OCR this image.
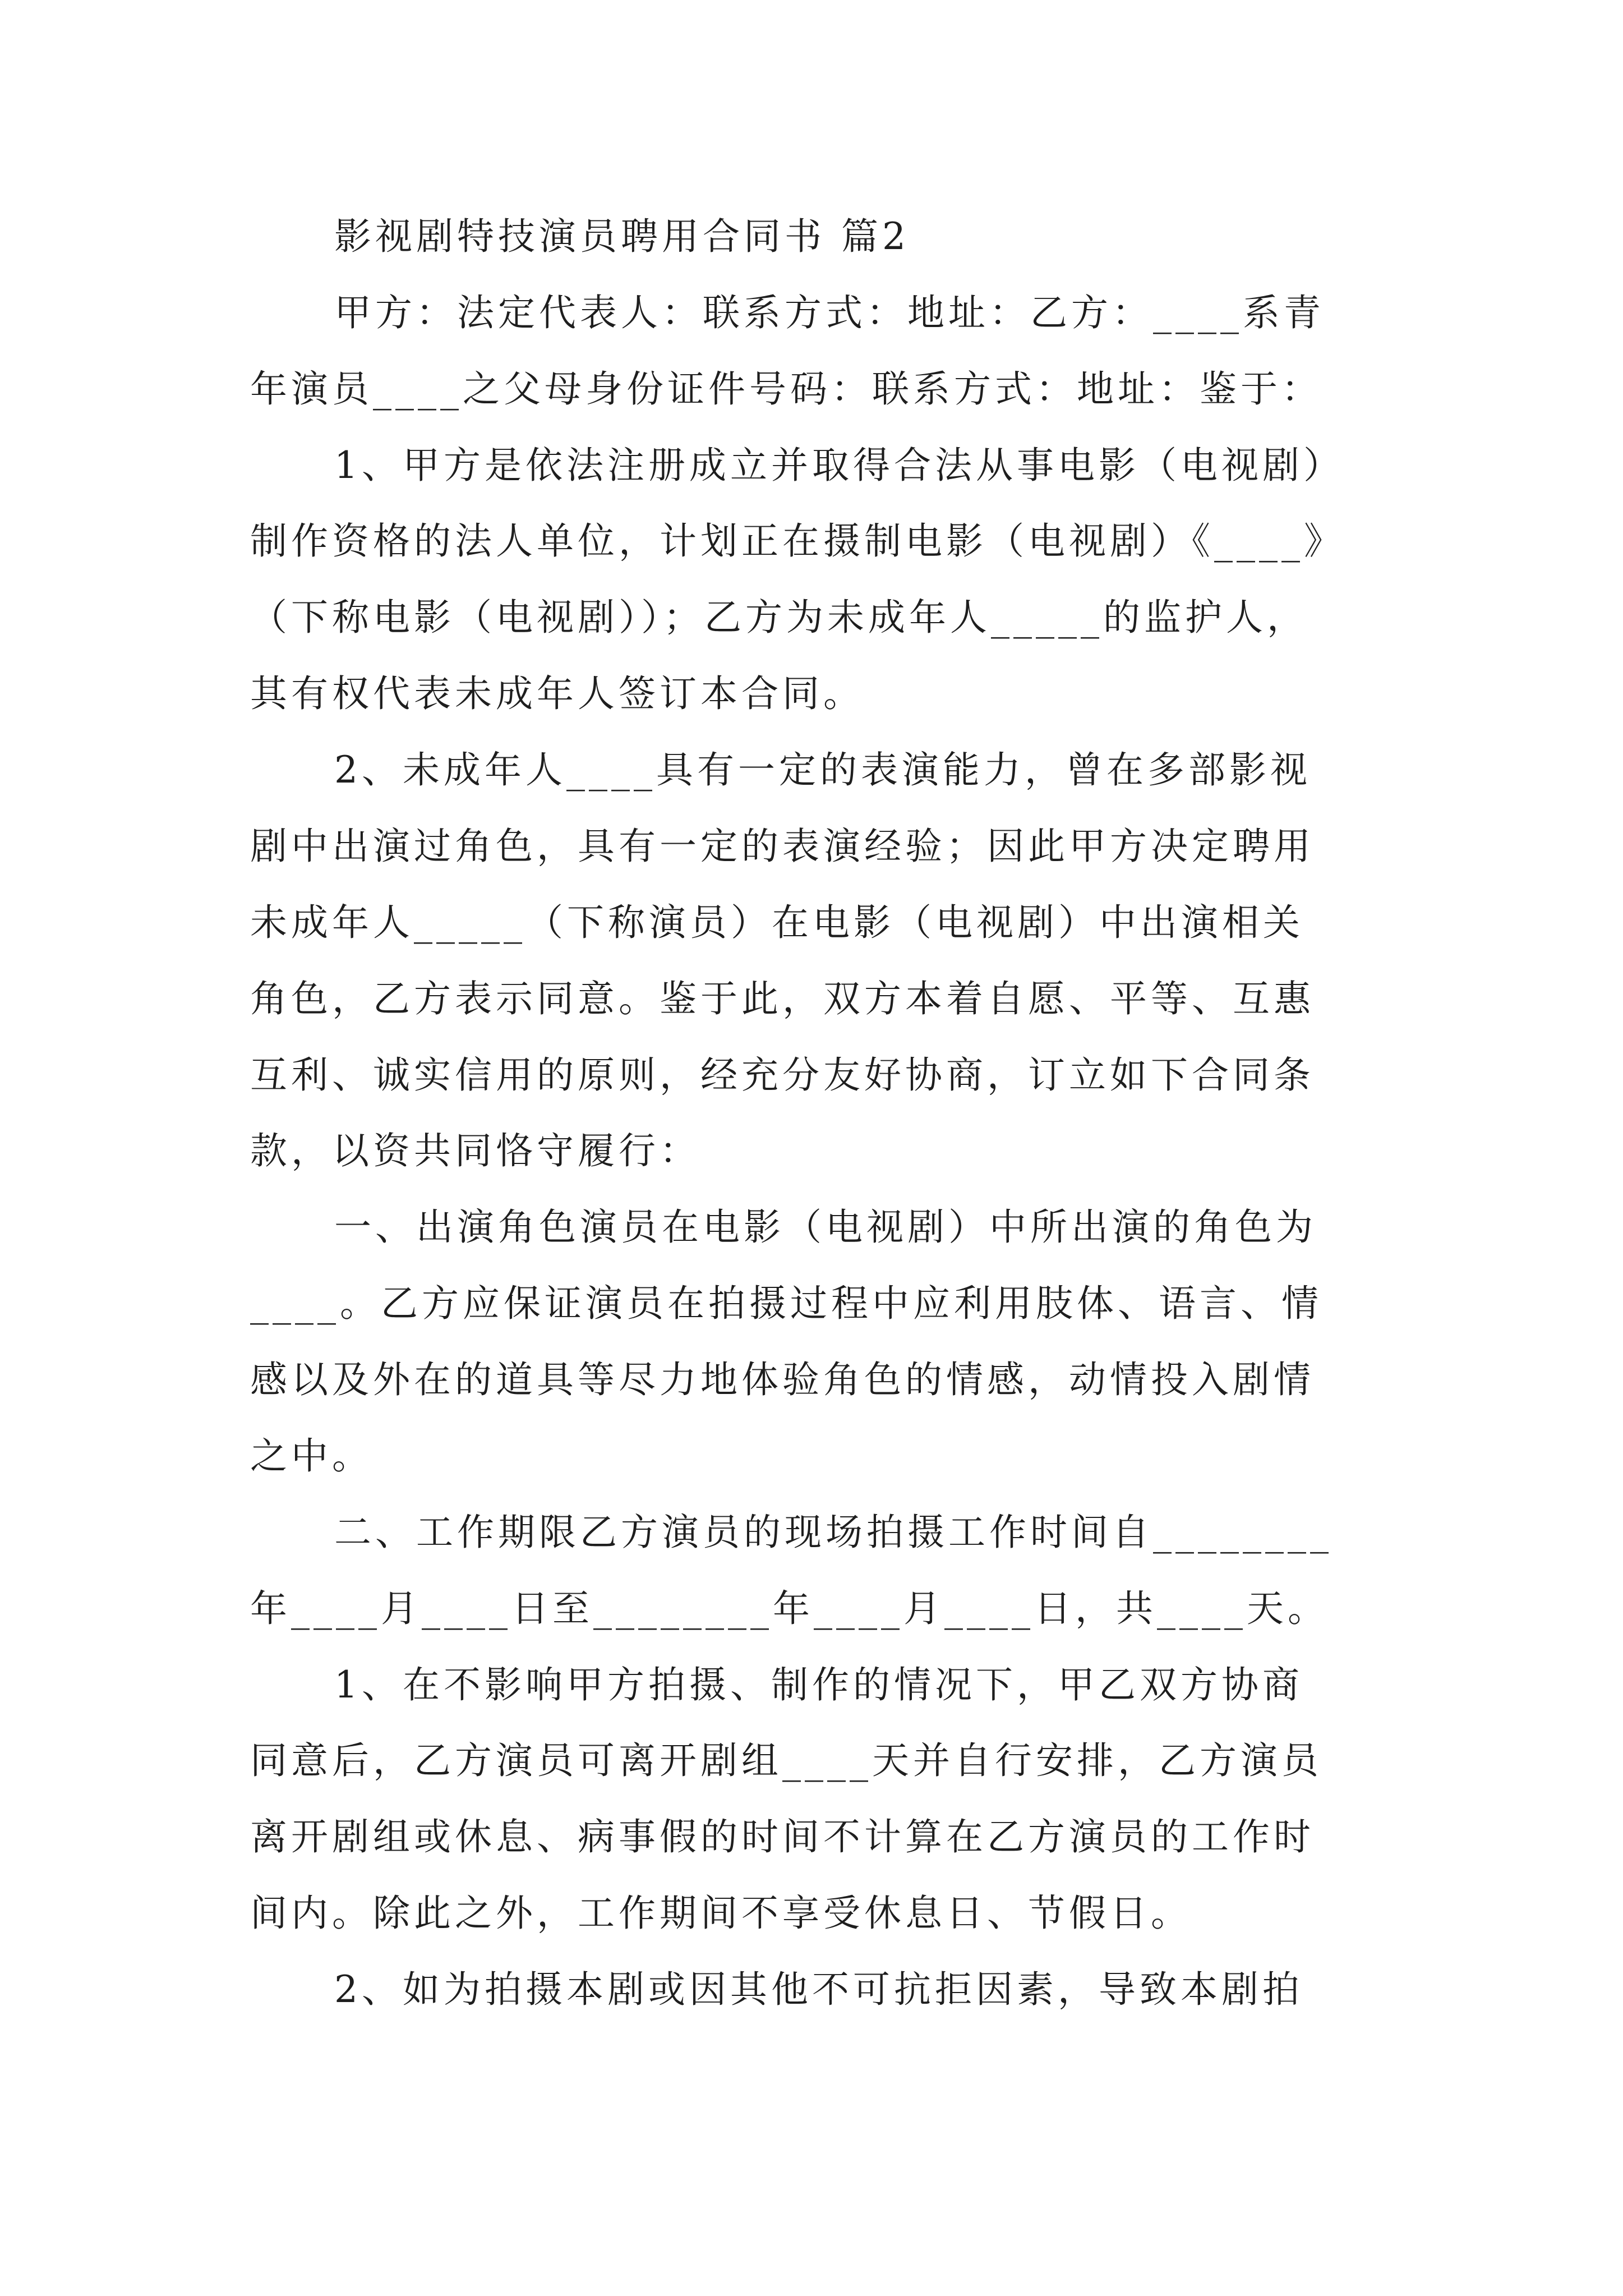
影视剧特技演员聘用合同书 篇2

甲方：法定代表人：联系方式：地址：乙方：____系青

年演员____之父母身份证件号码：联系方式：地址：鉴于：

1、甲方是依法注册成立并取得合法从事电影（电视剧）

制作资格的法人单位，计划正在摄制电影（电视剧）《____》

（下称电影（电视剧））；乙方为未成年人_____的监护人，

其有权代表未成年人签订本合同。

2、未成年人____具有一定的表演能力，曾在多部影视

剧中出演过角色，具有一定的表演经验；因此甲方决定聘用

未成年人_____（下称演员）在电影（电视剧）中出演相关

角色，乙方表示同意。鉴于此，双方本着自愿、平等、互惠

互利、诚实信用的原则，经充分友好协商，订立如下合同条

款，以资共同恪守履行：

一、出演角色演员在电影（电视剧）中所出演的角色为

____。乙方应保证演员在拍摄过程中应利用肢体、语言、情

感以及外在的道具等尽力地体验角色的情感，动情投入剧情

之中。

二、工作期限乙方演员的现场拍摄工作时间自________

年____月____日至________年____月____日，共____天。

1、在不影响甲方拍摄、制作的情况下，甲乙双方协商

同意后，乙方演员可离开剧组____天并自行安排，乙方演员

离开剧组或休息、病事假的时间不计算在乙方演员的工作时

间内。除此之外，工作期间不享受休息日、节假日。

2、如为拍摄本剧或因其他不可抗拒因素，导致本剧拍
